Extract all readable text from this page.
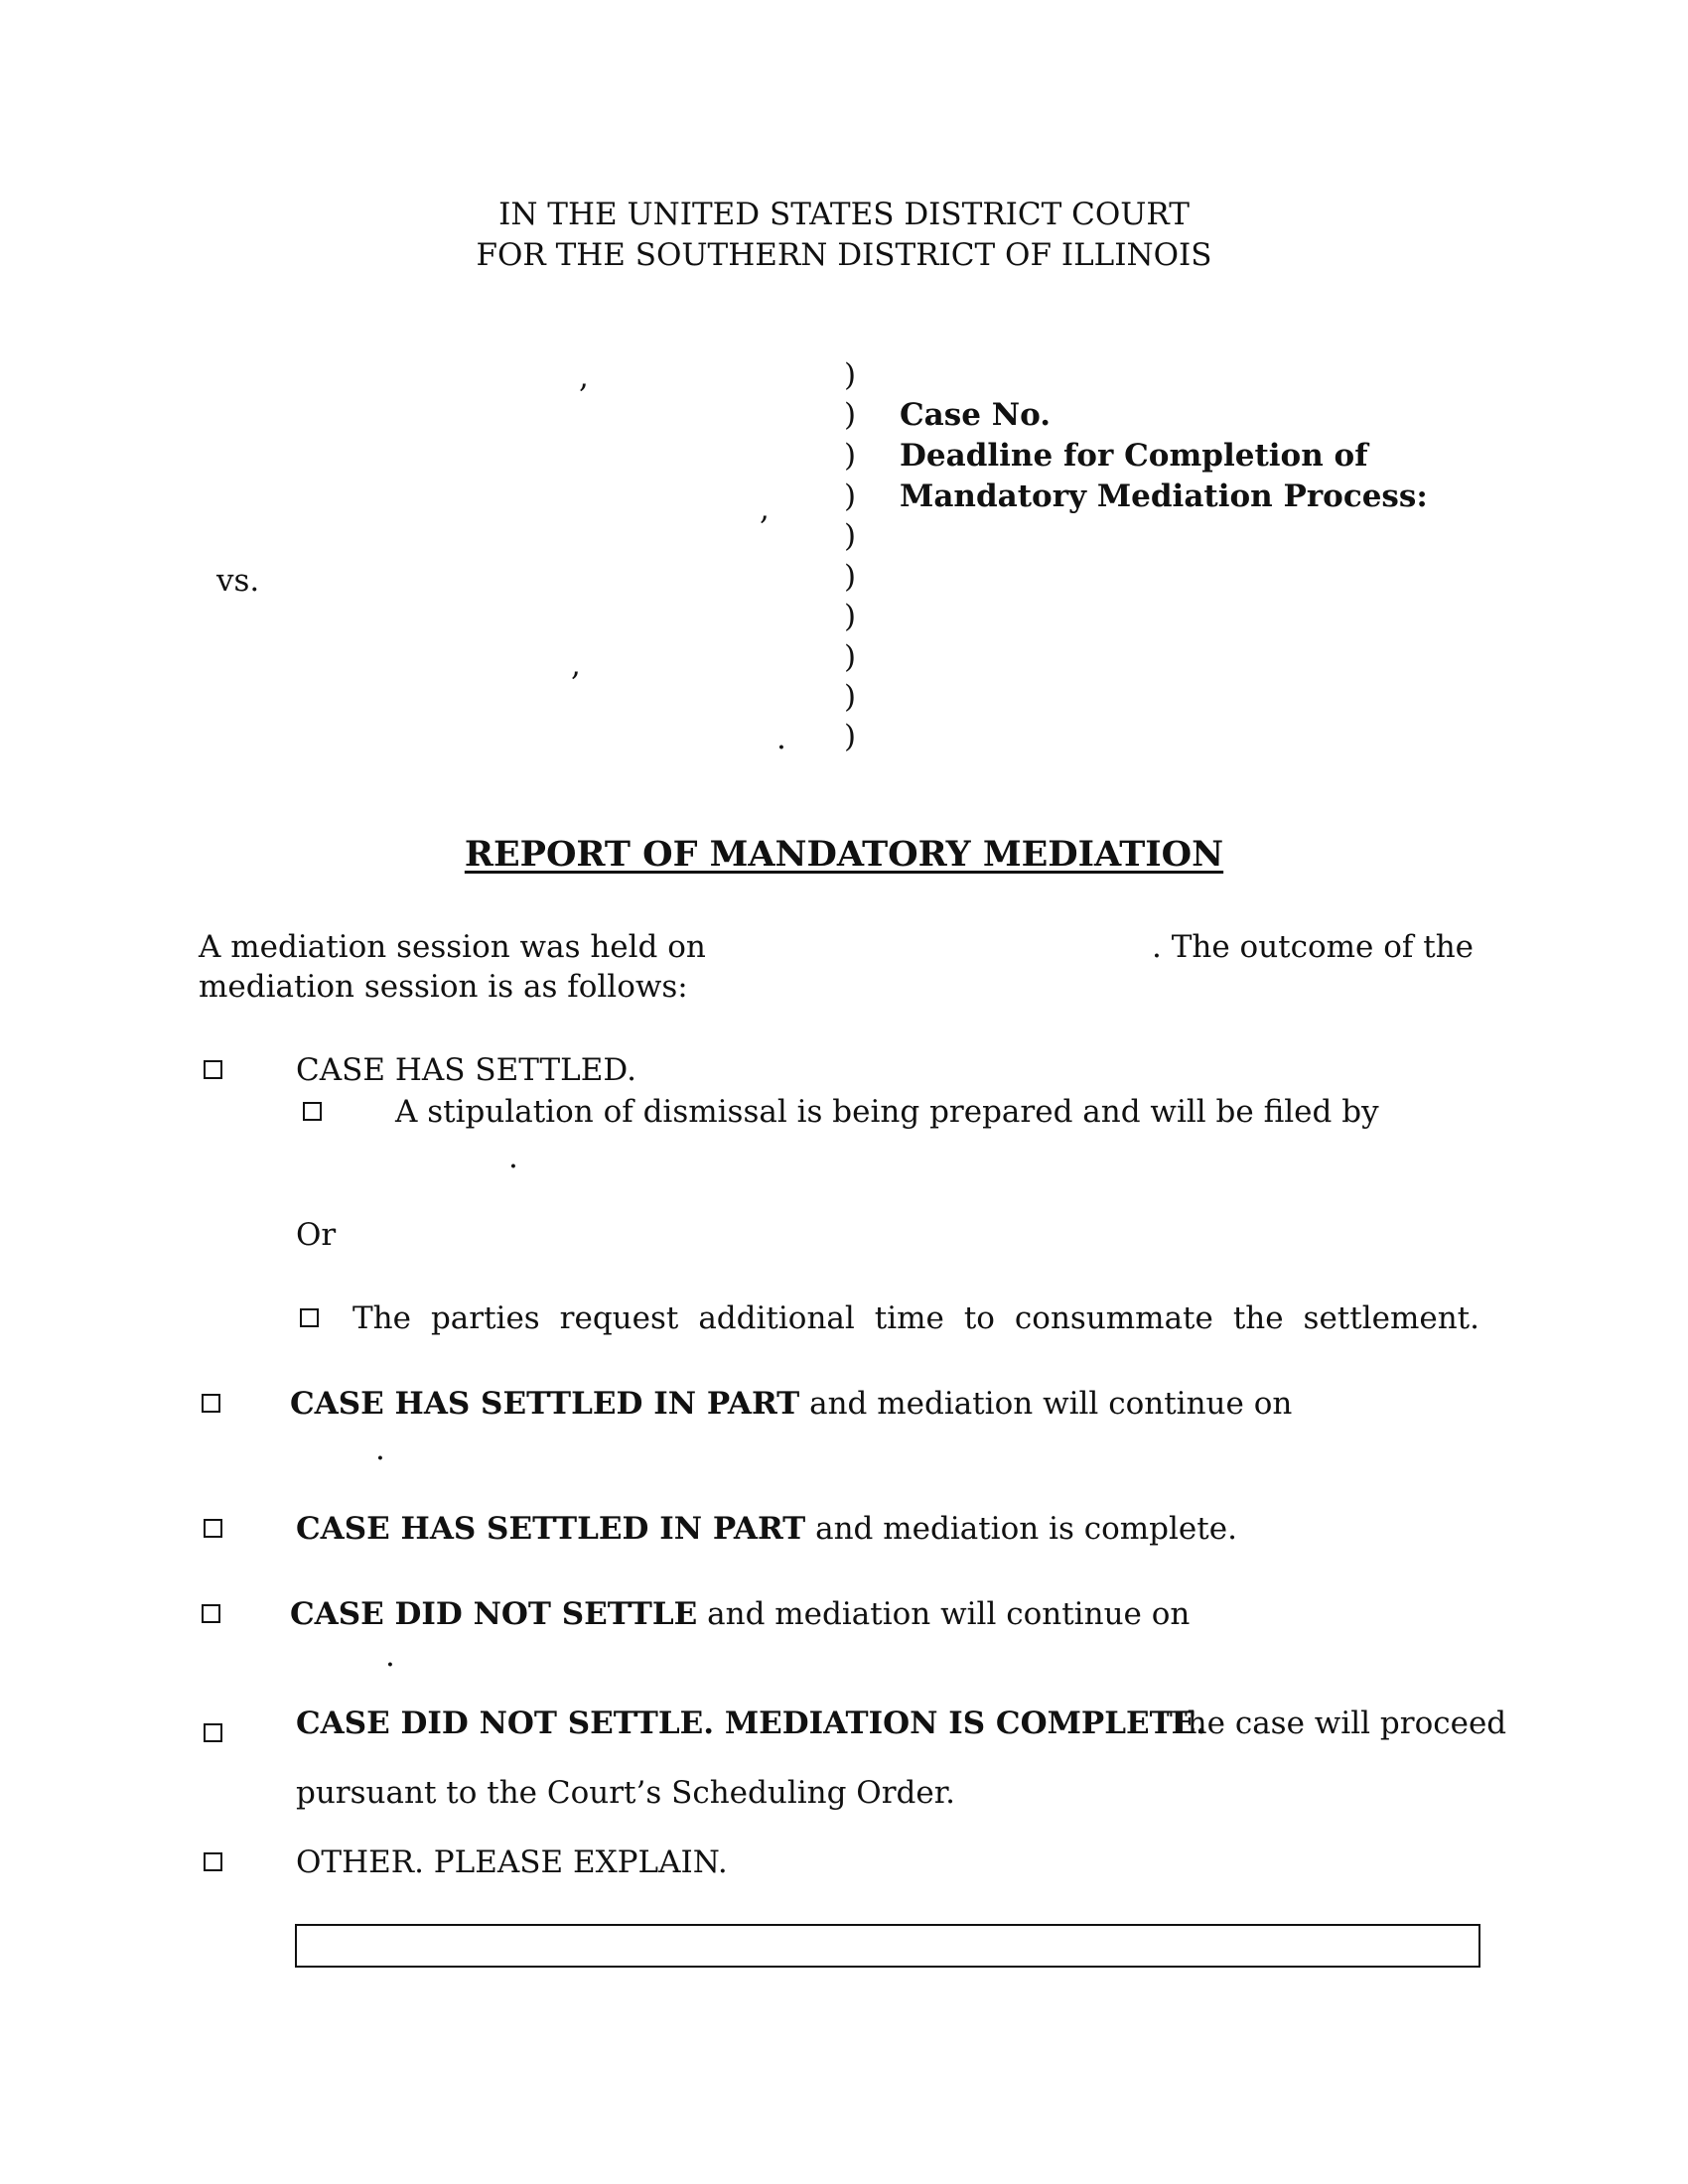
IN THE UNITED STATES DISTRICT COURT
FOR THE SOUTHERN DISTRICT OF ILLINOIS
,
,
vs.
,
.
)
)
)
)
)
)
)
)
)
)
Case No.
Deadline for Completion of
Mandatory Mediation Process:
REPORT OF MANDATORY MEDIATION
A mediation session was held on	. The outcome of the
mediation session is as follows:
CASE HAS SETTLED.
A stipulation of dismissal is being prepared and will be filed by
.
Or
The parties request additional time to consummate the settlement.
CASE HAS SETTLED IN PART and mediation will continue on
.
CASE HAS SETTLED IN PART and mediation is complete.
CASE DID NOT SETTLE and mediation will continue on
.
CASE DID NOT SETTLE. MEDIATION IS COMPLETE.
The case will proceed
pursuant to the Court’s Scheduling Order.
OTHER. PLEASE EXPLAIN.
